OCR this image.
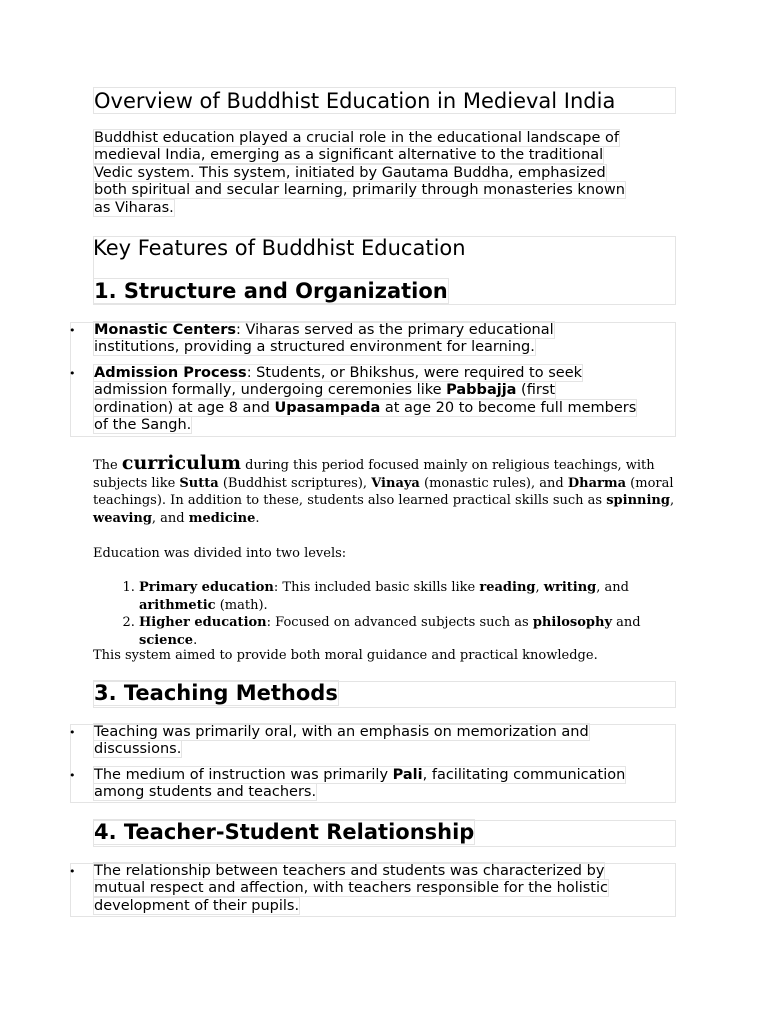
Overview of Buddhist Education in Medieval India
Buddhist education played a crucial role in the educational landscape of
medieval India, emerging as a significant alternative to the traditional
Vedic system. This system, initiated by Gautama Buddha, emphasized
both spiritual and secular learning, primarily through monasteries known
as Viharas.
Key Features of Buddhist Education
1. Structure and Organization
• Monastic Centers: Viharas served as the primary educational
institutions, providing a structured environment for learning.
• Admission Process: Students, or Bhikshus, were required to seek
admission formally, undergoing ceremonies like Pabbajja (first
ordination) at age 8 and Upasampada at age 20 to become full members
of the Sangh.
The curriculum during this period focused mainly on religious teachings, with subjects like Sutta (Buddhist scriptures), Vinaya (monastic rules), and Dharma (moral teachings). In addition to these, students also learned practical skills such as spinning, weaving, and medicine.
Education was divided into two levels:
1. Primary education: This included basic skills like reading, writing, and arithmetic (math).
2. Higher education: Focused on advanced subjects such as philosophy and science.
This system aimed to provide both moral guidance and practical knowledge.
3. Teaching Methods
• Teaching was primarily oral, with an emphasis on memorization and
discussions.
• The medium of instruction was primarily Pali, facilitating communication
among students and teachers.
4. Teacher-Student Relationship
• The relationship between teachers and students was characterized by
mutual respect and affection, with teachers responsible for the holistic
development of their pupils.
